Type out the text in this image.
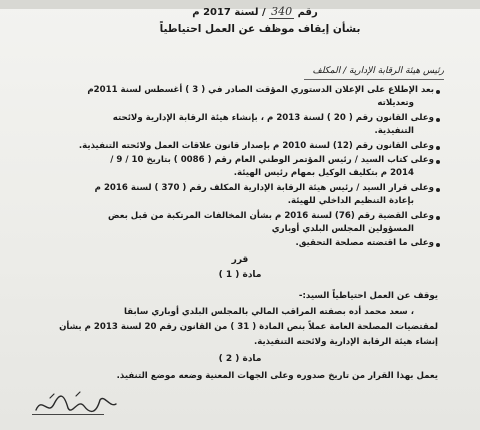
رقم 340 / لسنة 2017 م
بشأن إيقاف موظف عن العمل احتياطياً
رئيس هيئة الرقابة الإدارية / المكلف
بعد الإطلاع على الإعلان الدستوري المؤقت الصادر في ( 3 ) أغسطس لسنة 2011م
وتعديلاته
وعلى القانون رقم ( 20 ) لسنة 2013 م ، بإنشاء هيئة الرقابة الإدارية ولائحته
التنفيذية.
وعلى القانون رقم (12) لسنة 2010 م بإصدار قانون علاقات العمل ولائحته التنفيذية.
وعلى كتاب السيد / رئيس المؤتمر الوطني العام رقم ( 0086 ) بتاريخ 10 / 9 /
2014 م بتكليف الوكيل بمهام رئيس الهيئة.
وعلى قرار السيد / رئيس هيئة الرقابة الإدارية المكلف رقم ( 370 ) لسنة 2016 م
بإعادة التنظيم الداخلي للهيئة.
وعلى القضية رقم (76) لسنة 2016 م بشأن المخالفات المرتكبة من قبل بعض
المسؤولين المجلس البلدي أوباري
وعلى ما اقتضته مصلحة التحقيق.
قرر
مادة ( 1 )
يوقف عن العمل احتياطياً السيد:-
، سعد محمد أده بصفته المراقب المالي بالمجلس البلدي أوباري سابقا
لمقتضيات المصلحة العامة عملاً بنص المادة ( 31 ) من القانون رقم 20 لسنة 2013 م بشأن
إنشاء هيئة الرقابة الإدارية ولائحته التنفيذية.
مادة ( 2 )
يعمل بهذا القرار من تاريخ صدوره وعلى الجهات المعنية وضعه موضع التنفيذ.
